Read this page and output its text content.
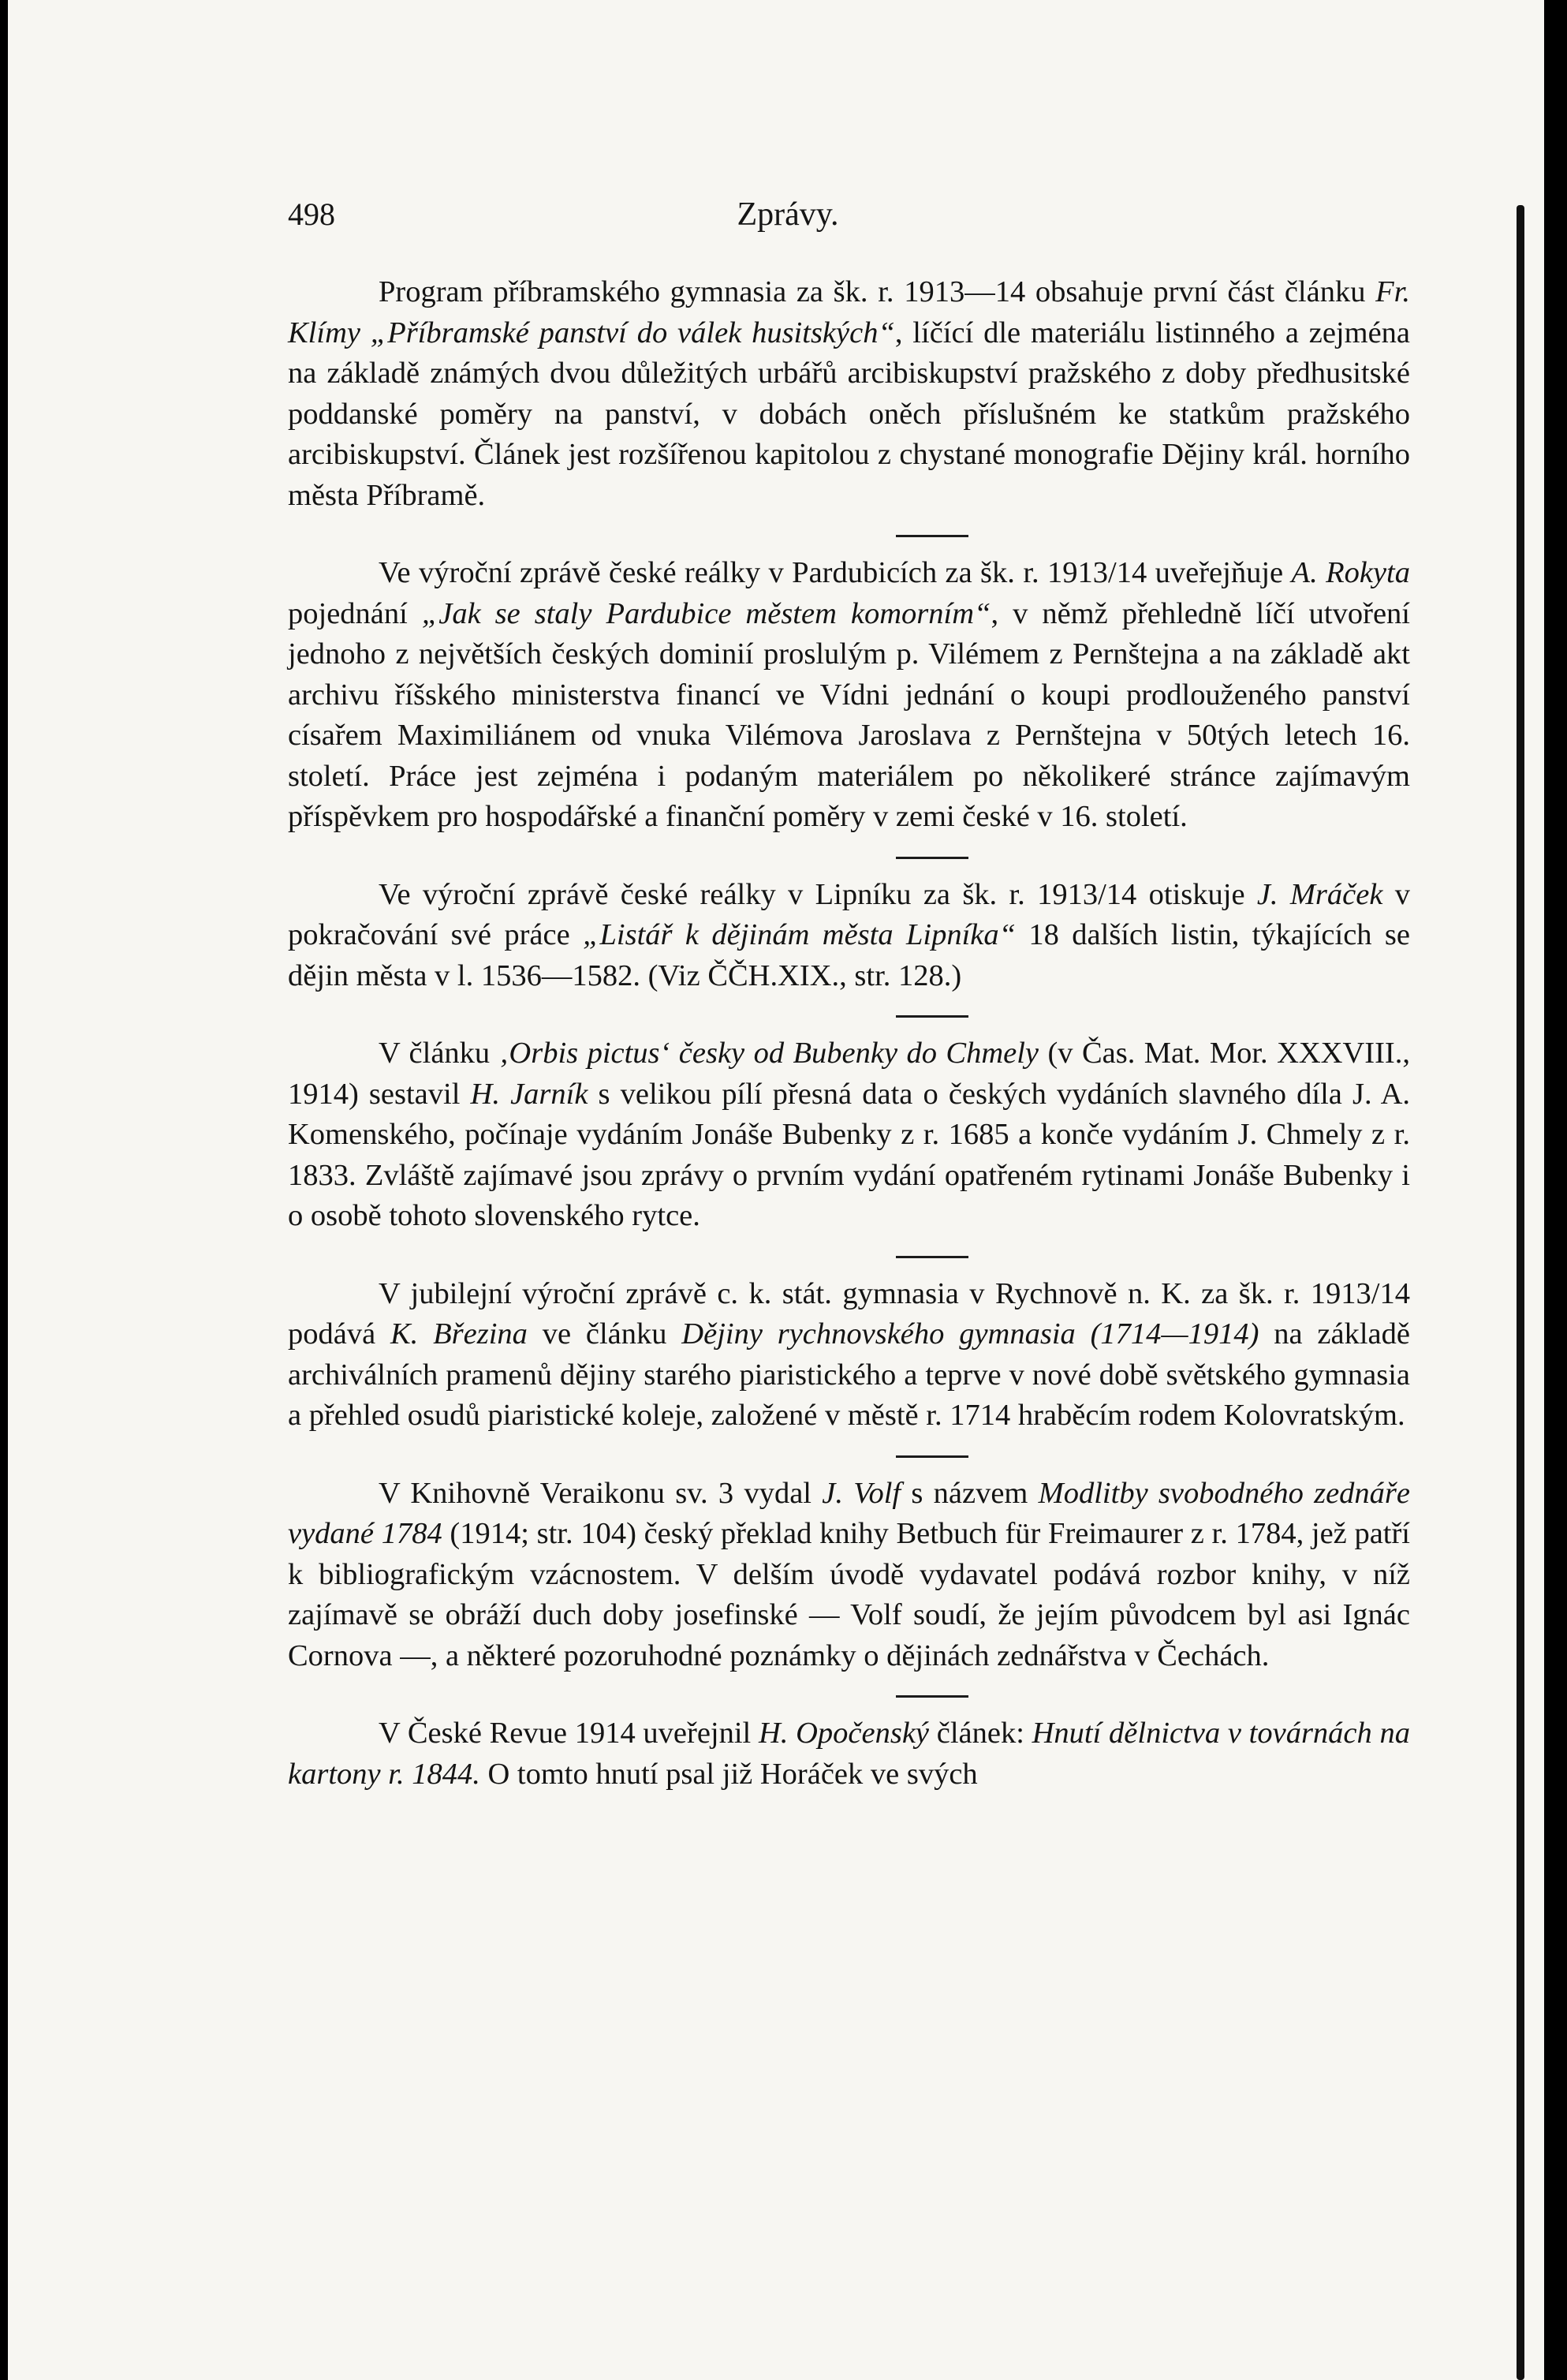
498	Zprávy.

Program příbramského gymnasia za šk. r. 1913—14 obsahuje první část článku Fr. Klímy „Příbramské panství do válek husitských“, líčící dle materiálu listinného a zejména na základě známých dvou důležitých urbářů arcibiskupství pražského z doby předhusitské poddanské poměry na panství, v dobách oněch příslušném ke statkům pražského arcibiskupství. Článek jest rozšířenou kapitolou z chystané monografie Dějiny král. horního města Příbramě.

Ve výroční zprávě české reálky v Pardubicích za šk. r. 1913/14 uveřejňuje A. Rokyta pojednání „Jak se staly Pardubice městem komorním“, v němž přehledně líčí utvoření jednoho z největších českých dominií proslulým p. Vilémem z Pernštejna a na základě akt archivu říšského ministerstva financí ve Vídni jednání o koupi prodlouženého panství císařem Maximiliánem od vnuka Vilémova Jaroslava z Pernštejna v 50tých letech 16. století. Práce jest zejména i podaným materiálem po několikeré stránce zajímavým příspěvkem pro hospodářské a finanční poměry v zemi české v 16. století.

Ve výroční zprávě české reálky v Lipníku za šk. r. 1913/14 otiskuje J. Mráček v pokračování své práce „Listář k dějinám města Lipníka“ 18 dalších listin, týkajících se dějin města v l. 1536—1582. (Viz ČČH.XIX., str. 128.)

V článku ‚Orbis pictus‘ česky od Bubenky do Chmely (v Čas. Mat. Mor. XXXVIII., 1914) sestavil H. Jarník s velikou pílí přesná data o českých vydáních slavného díla J. A. Komenského, počínaje vydáním Jonáše Bubenky z r. 1685 a konče vydáním J. Chmely z r. 1833. Zvláště zajímavé jsou zprávy o prvním vydání opatřeném rytinami Jonáše Bubenky i o osobě tohoto slovenského rytce.

V jubilejní výroční zprávě c. k. stát. gymnasia v Rychnově n. K. za šk. r. 1913/14 podává K. Březina ve článku Dějiny rychnovského gymnasia (1714—1914) na základě archiválních pramenů dějiny starého piaristického a teprve v nové době světského gymnasia a přehled osudů piaristické koleje, založené v městě r. 1714 hraběcím rodem Kolovratským.

V Knihovně Veraikonu sv. 3 vydal J. Volf s názvem Modlitby svobodného zednáře vydané 1784 (1914; str. 104) český překlad knihy Betbuch für Freimaurer z r. 1784, jež patří k bibliografickým vzácnostem. V delším úvodě vydavatel podává rozbor knihy, v níž zajímavě se obráží duch doby josefinské — Volf soudí, že jejím původcem byl asi Ignác Cornova —, a některé pozoruhodné poznámky o dějinách zednářstva v Čechách.

V České Revue 1914 uveřejnil H. Opočenský článek: Hnutí dělnictva v továrnách na kartony r. 1844. O tomto hnutí psal již Horáček ve svých
